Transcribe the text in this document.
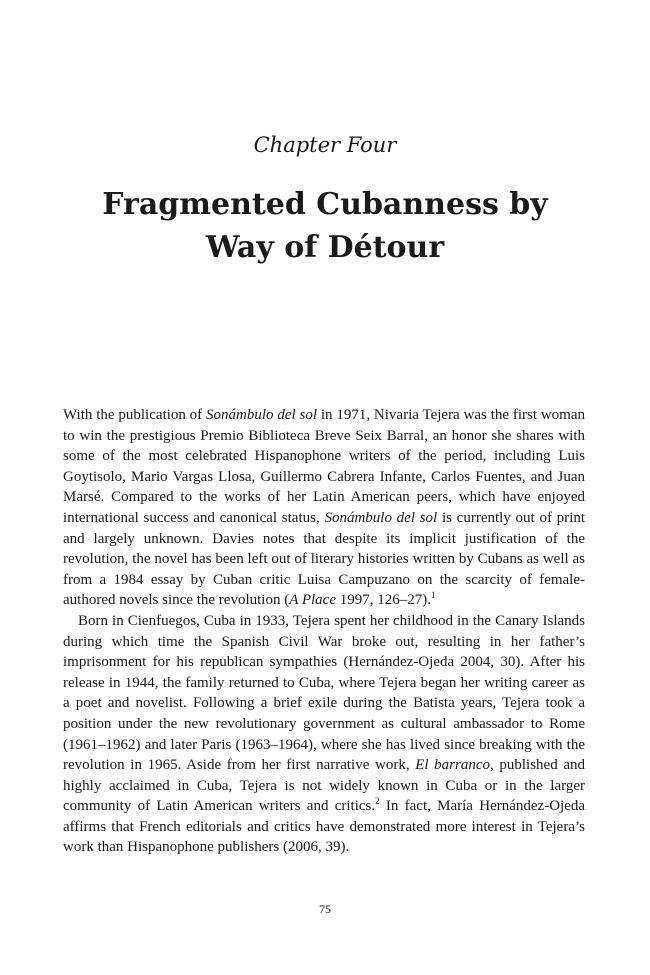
Chapter Four
Fragmented Cubanness by Way of Détour

With the publication of Sonámbulo del sol in 1971, Nivaria Tejera was the first woman to win the prestigious Premio Biblioteca Breve Seix Barral, an honor she shares with some of the most celebrated Hispanophone writers of the period, including Luis Goytisolo, Mario Vargas Llosa, Guillermo Cabrera Infante, Carlos Fuentes, and Juan Marsé. Compared to the works of her Latin American peers, which have enjoyed international success and canonical status, Sonámbulo del sol is currently out of print and largely unknown. Davies notes that despite its implicit justification of the revolution, the novel has been left out of literary histories written by Cubans as well as from a 1984 essay by Cuban critic Luisa Campuzano on the scarcity of female-authored novels since the revolution (A Place 1997, 126–27).$^1$

Born in Cienfuegos, Cuba in 1933, Tejera spent her childhood in the Canary Islands during which time the Spanish Civil War broke out, resulting in her father’s imprisonment for his republican sympathies (Hernández-Ojeda 2004, 30). After his release in 1944, the family returned to Cuba, where Tejera began her writing career as a poet and novelist. Following a brief exile during the Batista years, Tejera took a position under the new revolutionary government as cultural ambassador to Rome (1961–1962) and later Paris (1963–1964), where she has lived since breaking with the revolution in 1965. Aside from her first narrative work, El barranco, published and highly acclaimed in Cuba, Tejera is not widely known in Cuba or in the larger community of Latin American writers and critics.$^2$ In fact, María Hernández-Ojeda affirms that French editorials and critics have demonstrated more interest in Tejera’s work than Hispanophone publishers (2006, 39).

75
